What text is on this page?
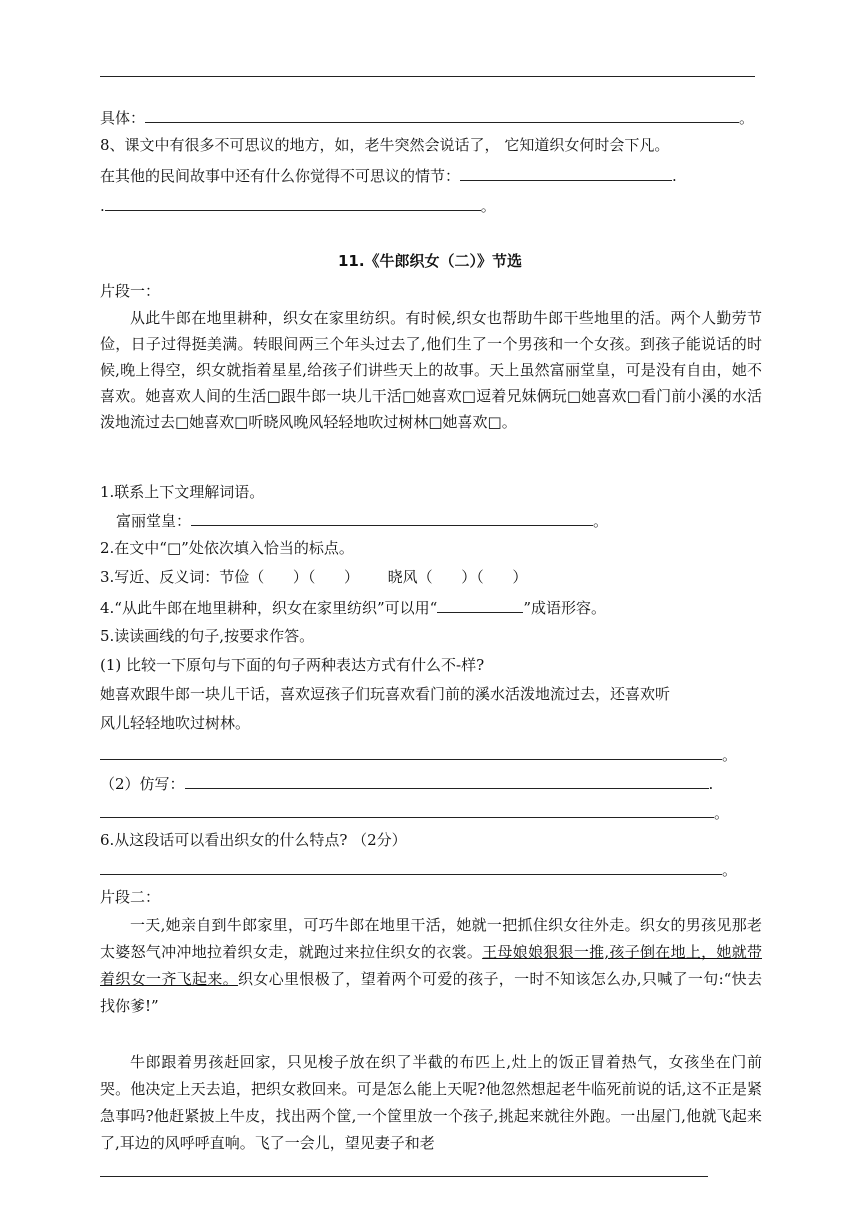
具体：	。
8、课文中有很多不可思议的地方，如，老牛突然会说话了， 它知道织女何时会下凡。
在其他的民间故事中还有什么你觉得不可思议的情节：	.
.	。
11.《牛郎织女（二）》节选
片段一：
从此牛郎在地里耕种，织女在家里纺织。有时候,织女也帮助牛郎干些地里的活。两个人勤劳节俭，日子过得挺美满。转眼间两三个年头过去了,他们生了一个男孩和一个女孩。到孩子能说话的时候,晚上得空，织女就指着星星,给孩子们讲些天上的故事。天上虽然富丽堂皇，可是没有自由，她不喜欢。她喜欢人间的生活□跟牛郎一块儿干活□她喜欢□逗着兄妹俩玩□她喜欢□看门前小溪的水活泼地流过去□她喜欢□听晓风晚风轻轻地吹过树林□她喜欢□。
1.联系上下文理解词语。
富丽堂皇：	。
2.在文中“□”处依次填入恰当的标点。
3.写近、反义词：节俭（      ）（      ）      晓风（      ）（      ）
4.“从此牛郎在地里耕种，织女在家里纺织”可以用“	”成语形容。
5.读读画线的句子,按要求作答。
(1) 比较一下原句与下面的句子两种表达方式有什么不-样?
她喜欢跟牛郎一块儿干话，喜欢逗孩子们玩喜欢看门前的溪水活泼地流过去，还喜欢听
风儿轻轻地吹过树林。
。
（2）仿写：	.
。
6.从这段话可以看出织女的什么特点? （2分）
。
片段二：
一天,她亲自到牛郎家里，可巧牛郎在地里干活，她就一把抓住织女往外走。织女的男孩见那老太婆怒气冲冲地拉着织女走，就跑过来拉住织女的衣裳。王母娘娘狠狠一推,孩子倒在地上，她就带着织女一齐飞起来。织女心里恨极了，望着两个可爱的孩子，一时不知该怎么办,只喊了一句:“快去找你爹!”
牛郎跟着男孩赶回家，只见梭子放在织了半截的布匹上,灶上的饭正冒着热气，女孩坐在门前哭。他决定上天去追，把织女救回来。可是怎么能上天呢?他忽然想起老牛临死前说的话,这不正是紧急事吗?他赶紧披上牛皮，找出两个筐,一个筐里放一个孩子,挑起来就往外跑。一出屋门,他就飞起来了,耳边的风呼呼直响。飞了一会儿，望见妻子和老
